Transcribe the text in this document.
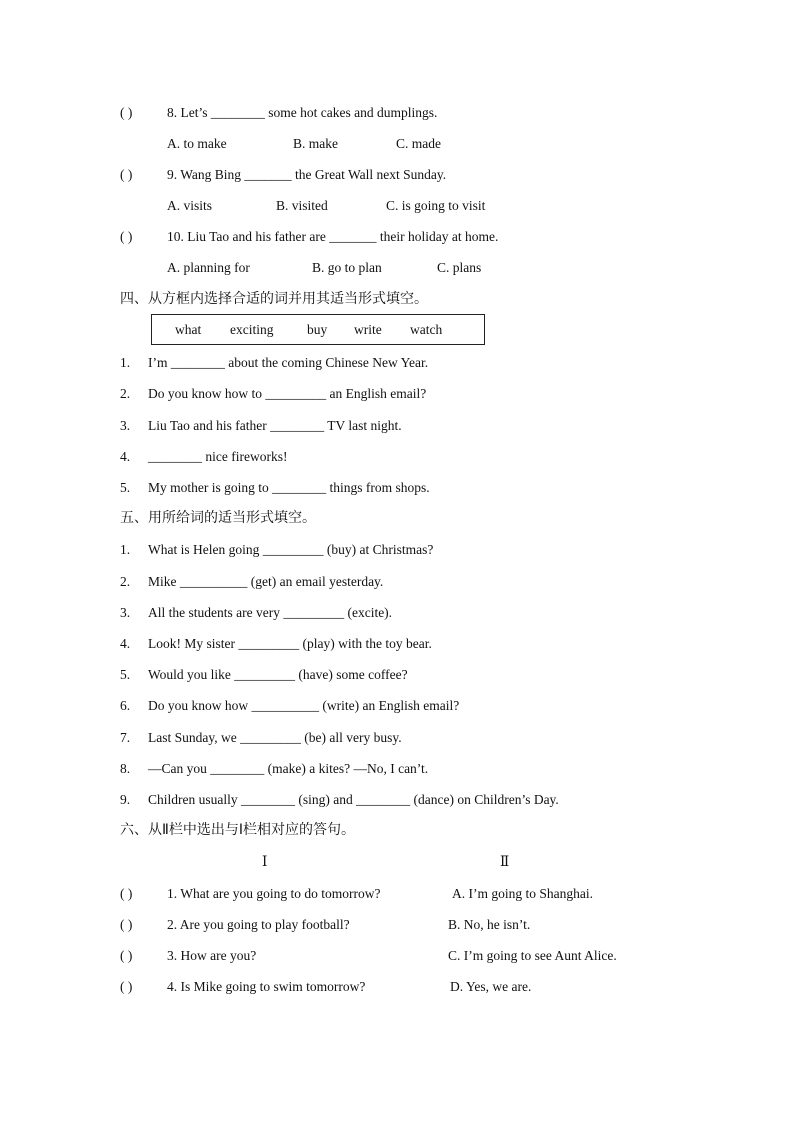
( )	8. Let’s ________ some hot cakes and dumplings.
A. to make	B. make	C. made
( )	9. Wang Bing _______ the Great Wall next Sunday.
A. visits	B. visited	C. is going to visit
( )	10. Liu Tao and his father are _______ their holiday at home.
A. planning for	B. go to plan	C. plans
四、从方框内选择合适的词并用其适当形式填空。
what exciting buy write watch
1. I’m ________ about the coming Chinese New Year.
2. Do you know how to _________ an English email?
3. Liu Tao and his father ________ TV last night.
4. ________ nice fireworks!
5. My mother is going to ________ things from shops.
五、用所给词的适当形式填空。
1. What is Helen going _________ (buy) at Christmas?
2. Mike __________ (get) an email yesterday.
3. All the students are very _________ (excite).
4. Look! My sister _________ (play) with the toy bear.
5. Would you like _________ (have) some coffee?
6. Do you know how __________ (write) an English email?
7. Last Sunday, we _________ (be) all very busy.
8. —Can you ________ (make) a kites? —No, I can’t.
9. Children usually ________ (sing) and ________ (dance) on Children’s Day.
六、从Ⅱ栏中选出与Ⅰ栏相对应的答句。
Ⅰ	Ⅱ
( )	1. What are you going to do tomorrow?	A. I’m going to Shanghai.
( )	2. Are you going to play football?	B. No, he isn’t.
( )	3. How are you?	C. I’m going to see Aunt Alice.
( )	4. Is Mike going to swim tomorrow?	D. Yes, we are.
